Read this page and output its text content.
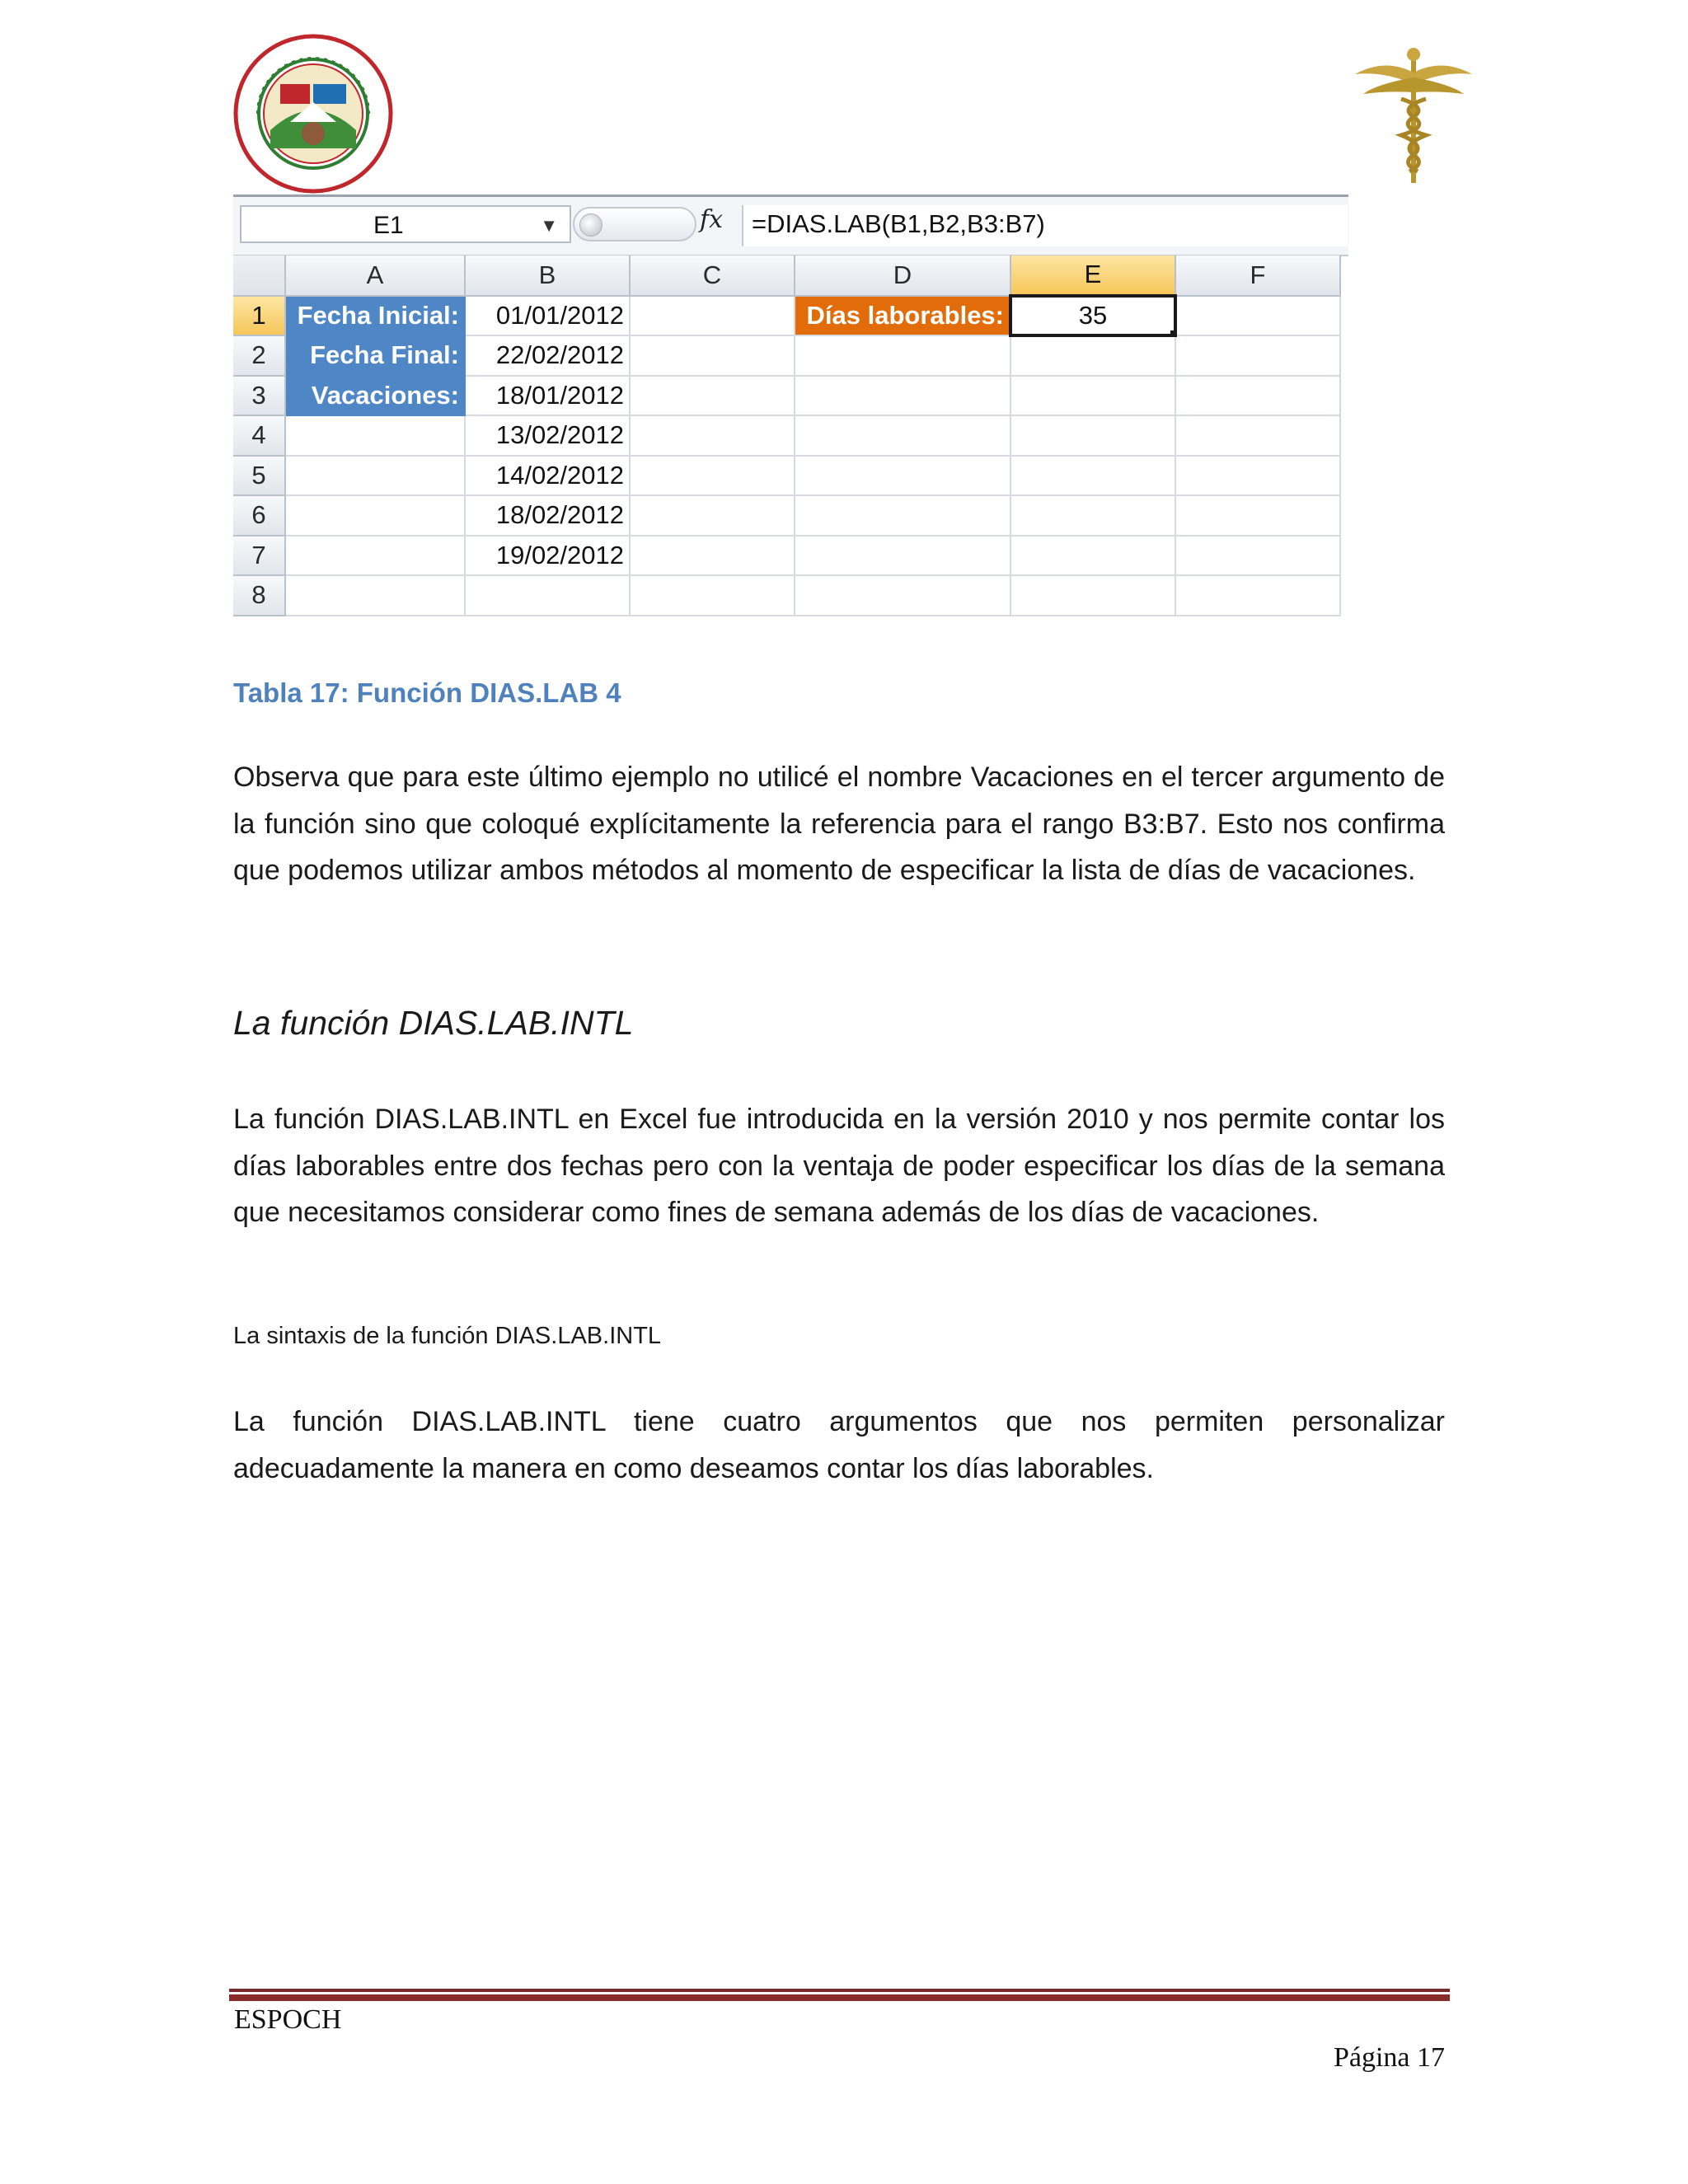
E1	▼	fx =DIAS.LAB(B1,B2,B3:B7)
	A	B	C	D	E	F
1	Fecha Inicial:	01/01/2012		Días laborables:	35

2	Fecha Final:	22/02/2012				
3	Vacaciones:	18/01/2012				
4		13/02/2012				
5		14/02/2012				
6		18/02/2012				
7		19/02/2012				
8						
Tabla 17: Función DIAS.LAB 4

Observa que para este último ejemplo no utilicé el nombre Vacaciones en el tercer argumento de la función sino que coloqué explícitamente la referencia para el rango B3:B7. Esto nos confirma que podemos utilizar ambos métodos al momento de especificar la lista de días de vacaciones.

La función DIAS.LAB.INTL

La función DIAS.LAB.INTL en Excel fue introducida en la versión 2010 y nos permite contar los días laborables entre dos fechas pero con la ventaja de poder especificar los días de la semana que necesitamos considerar como fines de semana además de los días de vacaciones.

La sintaxis de la función DIAS.LAB.INTL

La función DIAS.LAB.INTL tiene cuatro argumentos que nos permiten personalizar adecuadamente la manera en como deseamos contar los días laborables.

ESPOCH
Página 17
